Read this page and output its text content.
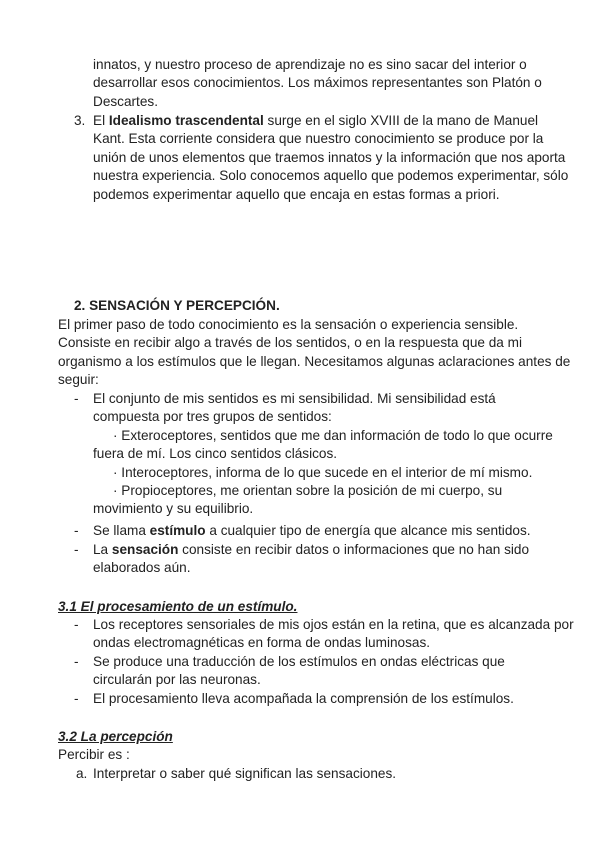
innatos, y nuestro proceso de aprendizaje no es sino sacar del interior o desarrollar esos conocimientos. Los máximos representantes son Platón o Descartes.

3. El Idealismo trascendental surge en el siglo XVIII de la mano de Manuel Kant. Esta corriente considera que nuestro conocimiento se produce por la unión de unos elementos que traemos innatos y la información que nos aporta nuestra experiencia. Solo conocemos aquello que podemos experimentar, sólo podemos experimentar aquello que encaja en estas formas a priori.

2. SENSACIÓN Y PERCEPCIÓN.

El primer paso de todo conocimiento es la sensación o experiencia sensible. Consiste en recibir algo a través de los sentidos, o en la respuesta que da mi organismo a los estímulos que le llegan. Necesitamos algunas aclaraciones antes de seguir:

- El conjunto de mis sentidos es mi sensibilidad. Mi sensibilidad está compuesta por tres grupos de sentidos:

· Exteroceptores, sentidos que me dan información de todo lo que ocurre fuera de mí. Los cinco sentidos clásicos.

· Interoceptores, informa de lo que sucede en el interior de mí mismo.

· Propioceptores, me orientan sobre la posición de mi cuerpo, su movimiento y su equilibrio.

- Se llama estímulo a cualquier tipo de energía que alcance mis sentidos.

- La sensación consiste en recibir datos o informaciones que no han sido elaborados aún.

3.1 El procesamiento de un estímulo.

- Los receptores sensoriales de mis ojos están en la retina, que es alcanzada por ondas electromagnéticas en forma de ondas luminosas.

- Se produce una traducción de los estímulos en ondas eléctricas que circularán por las neuronas.

- El procesamiento lleva acompañada la comprensión de los estímulos.

3.2 La percepción

Percibir es :

a. Interpretar o saber qué significan las sensaciones.
